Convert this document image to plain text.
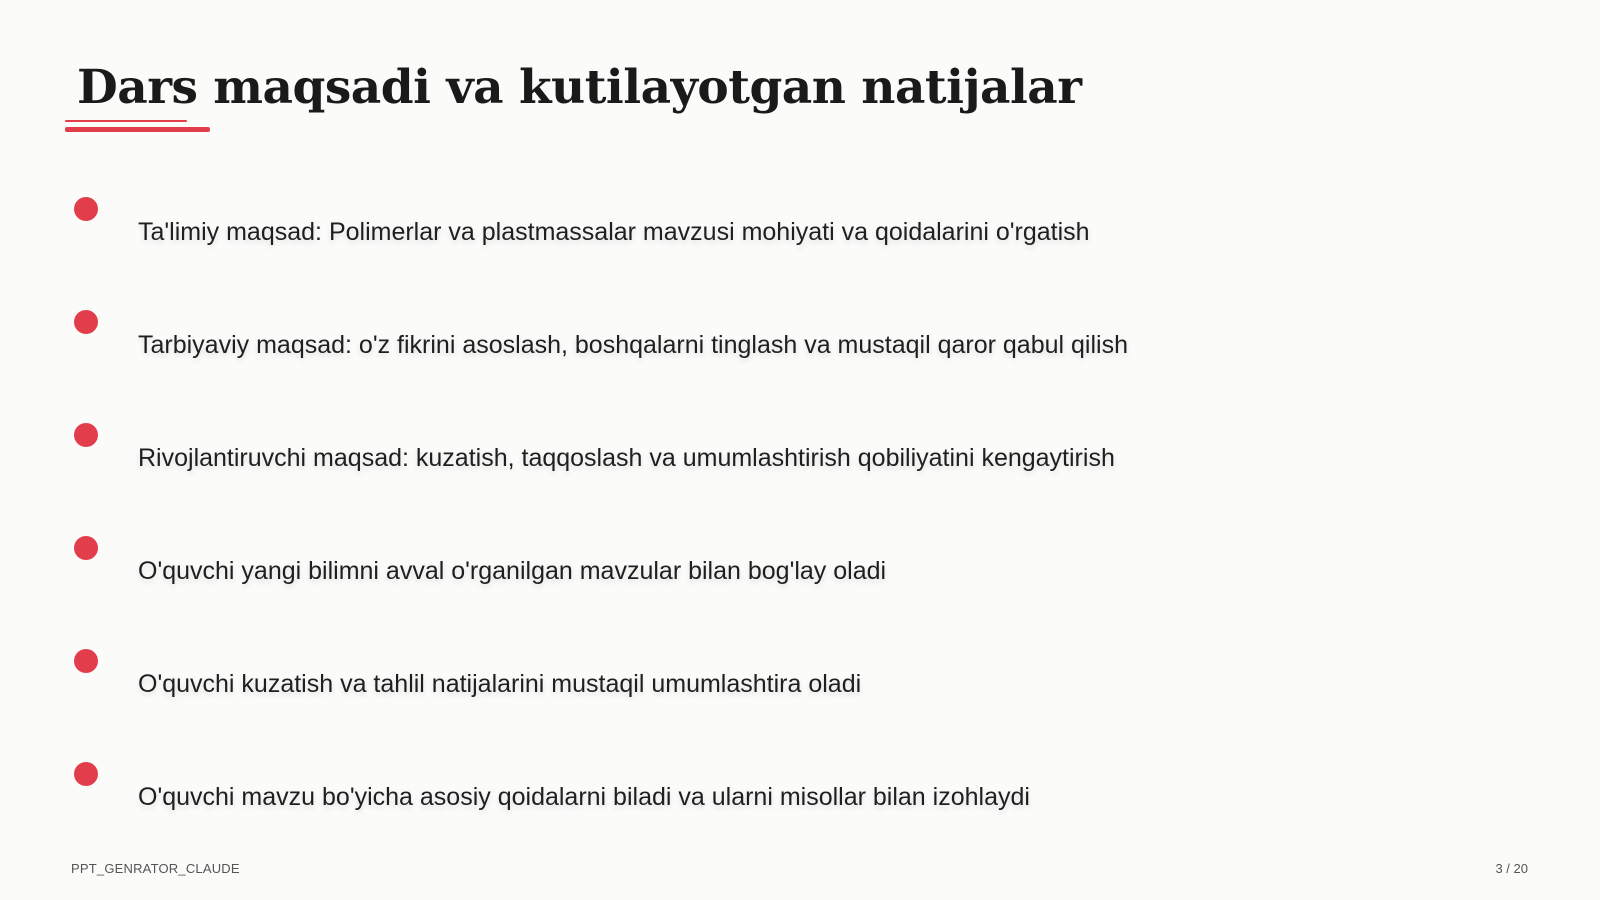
Dars maqsadi va kutilayotgan natijalar
Ta'limiy maqsad: Polimerlar va plastmassalar mavzusi mohiyati va qoidalarini o'rgatish
Tarbiyaviy maqsad: o'z fikrini asoslash, boshqalarni tinglash va mustaqil qaror qabul qilish
Rivojlantiruvchi maqsad: kuzatish, taqqoslash va umumlashtirish qobiliyatini kengaytirish
O'quvchi yangi bilimni avval o'rganilgan mavzular bilan bog'lay oladi
O'quvchi kuzatish va tahlil natijalarini mustaqil umumlashtira oladi
O'quvchi mavzu bo'yicha asosiy qoidalarni biladi va ularni misollar bilan izohlaydi
PPT_GENRATOR_CLAUDE	3 / 20
